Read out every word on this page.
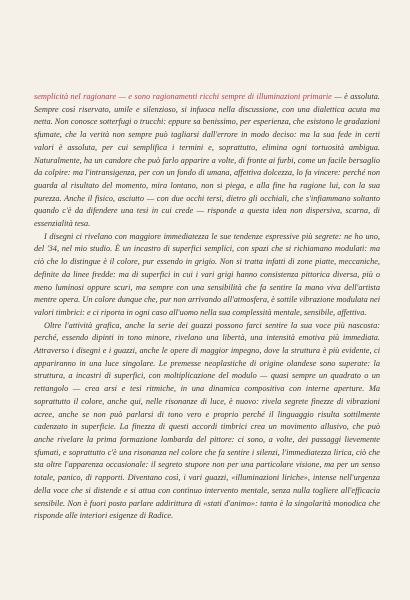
semplicità nel ragionare — e sono ragionamenti ricchi sempre di illuminazioni primarie — è assoluta. Sempre così riservato, umile e silenzioso, si infuoca nella discussione, con una dialettica acuta ma netta. Non conosce sotterfugi o trucchi: eppure sa benissimo, per esperienza, che esistono le gradazioni sfumate, che la verità non sempre può tagliarsi dall'errore in modo deciso: ma la sua fede in certi valori è assoluta, per cui semplifica i termini e, soprattutto, elimina ogni tortuosità ambigua. Naturalmente, ha un candore che può farlo apparire a volte, di fronte ai furbi, come un facile bersaglio da colpire: ma l'intransigenza, per con un fondo di umana, affettiva dolcezza, lo fa vincere: perché non guarda al risultato del momento, mira lontano, non si piega, e alla fine ha ragione lui, con la sua purezza. Anche il fisico, asciutto — con due occhi tersi, dietro gli occhiali, che s'infiammano soltanto quando c'è da difendere una tesi in cui crede — risponde a questa idea non dispersiva, scarna, di essenzialità tesa.

I disegni ci rivelano con maggiore immediatezza le sue tendenze espressive più segrete: ne ho uno, del '34, nel mio studio. È un incastro di superfici semplici, con spazi che si richiamano modulati: ma ciò che lo distingue è il colore, pur essendo in grigio. Non si tratta infatti di zone piatte, meccaniche, definite da linee fredde: ma di superfici in cui i vari grigi hanno consistenza pittorica diversa, più o meno luminosi oppure scuri, ma sempre con una sensibilità che fa sentire la mano viva dell'artista mentre opera. Un colore dunque che, pur non arrivando all'atmosfera, è sottile vibrazione modulata nei valori timbrici: e ci riporta in ogni caso all'uomo nella sua complessità mentale, sensibile, affettiva.

Oltre l'attività grafica, anche la serie dei guazzi possono farci sentire la sua voce più nascosta: perché, essendo dipinti in tono minore, rivelano una libertà, una intensità emotiva più immediata. Attraverso i disegni e i guazzi, anche le opere di maggior impegno, dove la struttura è più evidente, ci appariranno in una luce singolare. Le premesse neoplastiche di origine olandese sono superate: la struttura, a incastri di superfici, con moltiplicazione del modulo — quasi sempre un quadrato o un rettangolo — crea arsi e tesi ritmiche, in una dinamica compositiva con interne aperture. Ma soprattutto il colore, anche qui, nelle risonanze di luce, è nuovo: rivela segrete finezze di vibrazioni acree, anche se non può parlarsi di tono vero e proprio perché il linguaggio risulta sottilmente cadenzato in superficie. La finezza di questi accordi timbrici crea un movimento allusivo, che può anche rivelare la prima formazione lombarda del pittore: ci sono, a volte, dei passaggi lievemente sfumati, e soprattutto c'è una risonanza nel colore che fa sentire i silenzi, l'immediatezza lirica, ciò che sta oltre l'apparenza occasionale: il segreto stupore non per una particolare visione, ma per un senso totale, panico, di rapporti. Diventano così, i vari guazzi, «illuminazioni liriche», intense nell'urgenza della voce che si distende e si attua con continuo intervento mentale, senza nulla togliere all'efficacia sensibile. Non è fuori posto parlare addirittura di «stati d'animo»: tanta è la singolarità monodica che risponde alle interiori esigenze di Radice.
